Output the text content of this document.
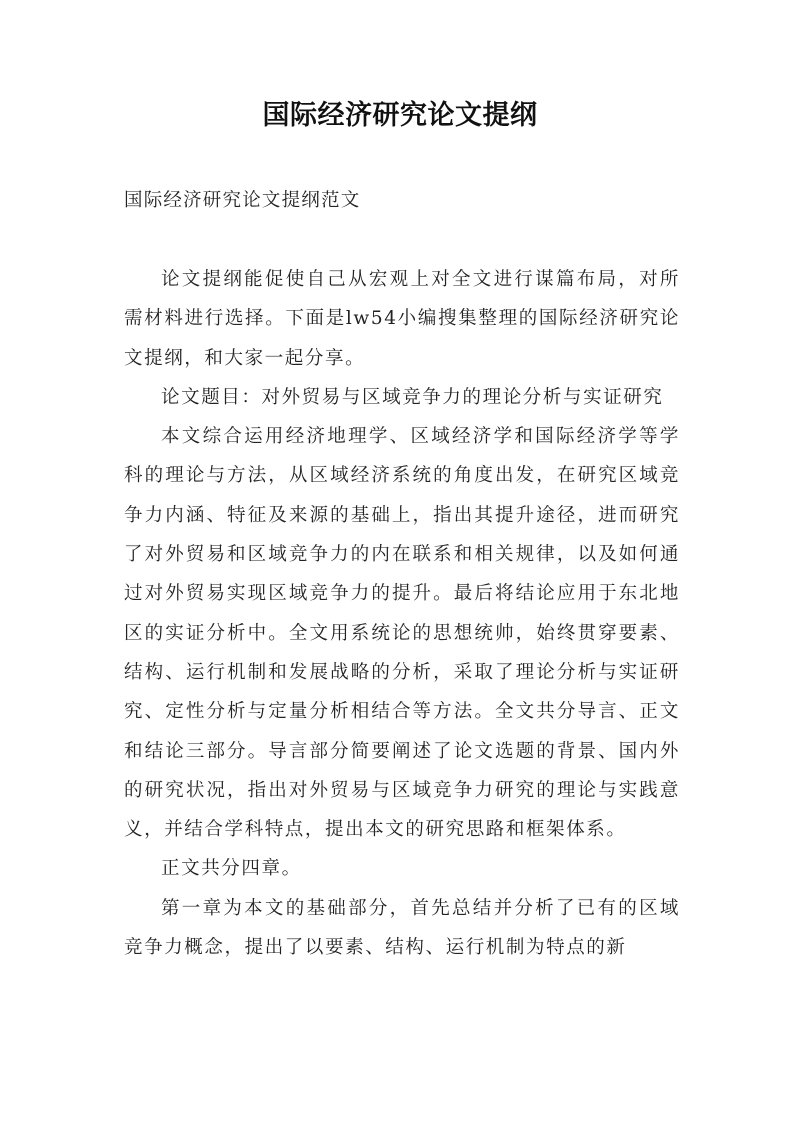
国际经济研究论文提纲
国际经济研究论文提纲范文

论文提纲能促使自己从宏观上对全文进行谋篇布局，对所需材料进行选择。下面是lw54小编搜集整理的国际经济研究论文提纲，和大家一起分享。

论文题目：对外贸易与区域竞争力的理论分析与实证研究

本文综合运用经济地理学、区域经济学和国际经济学等学科的理论与方法，从区域经济系统的角度出发，在研究区域竞争力内涵、特征及来源的基础上，指出其提升途径，进而研究了对外贸易和区域竞争力的内在联系和相关规律，以及如何通过对外贸易实现区域竞争力的提升。最后将结论应用于东北地区的实证分析中。全文用系统论的思想统帅，始终贯穿要素、结构、运行机制和发展战略的分析，采取了理论分析与实证研究、定性分析与定量分析相结合等方法。全文共分导言、正文和结论三部分。导言部分简要阐述了论文选题的背景、国内外的研究状况，指出对外贸易与区域竞争力研究的理论与实践意义，并结合学科特点，提出本文的研究思路和框架体系。

正文共分四章。

第一章为本文的基础部分，首先总结并分析了已有的区域竞争力概念，提出了以要素、结构、运行机制为特点的新
